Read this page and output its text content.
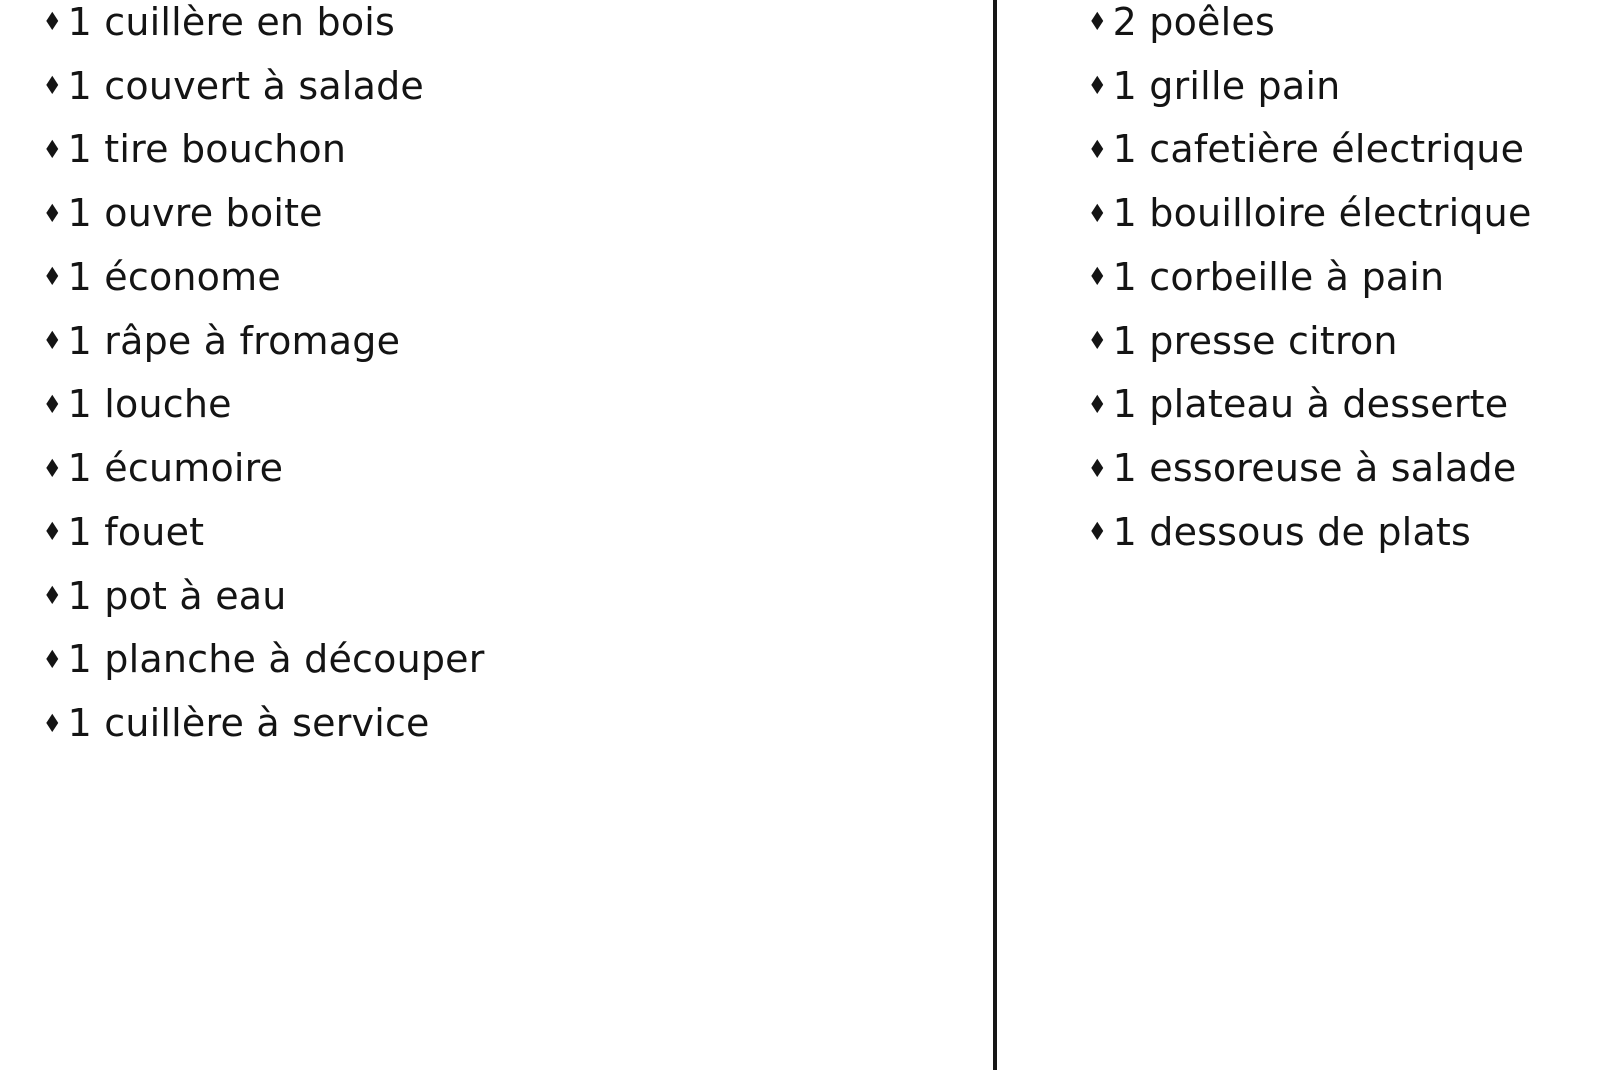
♦ 1 cuillère en bois
♦ 1 couvert à salade
♦ 1 tire bouchon
♦ 1 ouvre boite
♦ 1 économe
♦ 1 râpe à fromage
♦ 1 louche
♦ 1 écumoire
♦ 1 fouet
♦ 1 pot à eau
♦ 1 planche à découper
♦ 1 cuillère à service
♦ 2 poêles
♦ 1 grille pain
♦ 1 cafetière électrique
♦ 1 bouilloire électrique
♦ 1 corbeille à pain
♦ 1 presse citron
♦ 1 plateau à desserte
♦ 1 essoreuse à salade
♦ 1 dessous de plats
